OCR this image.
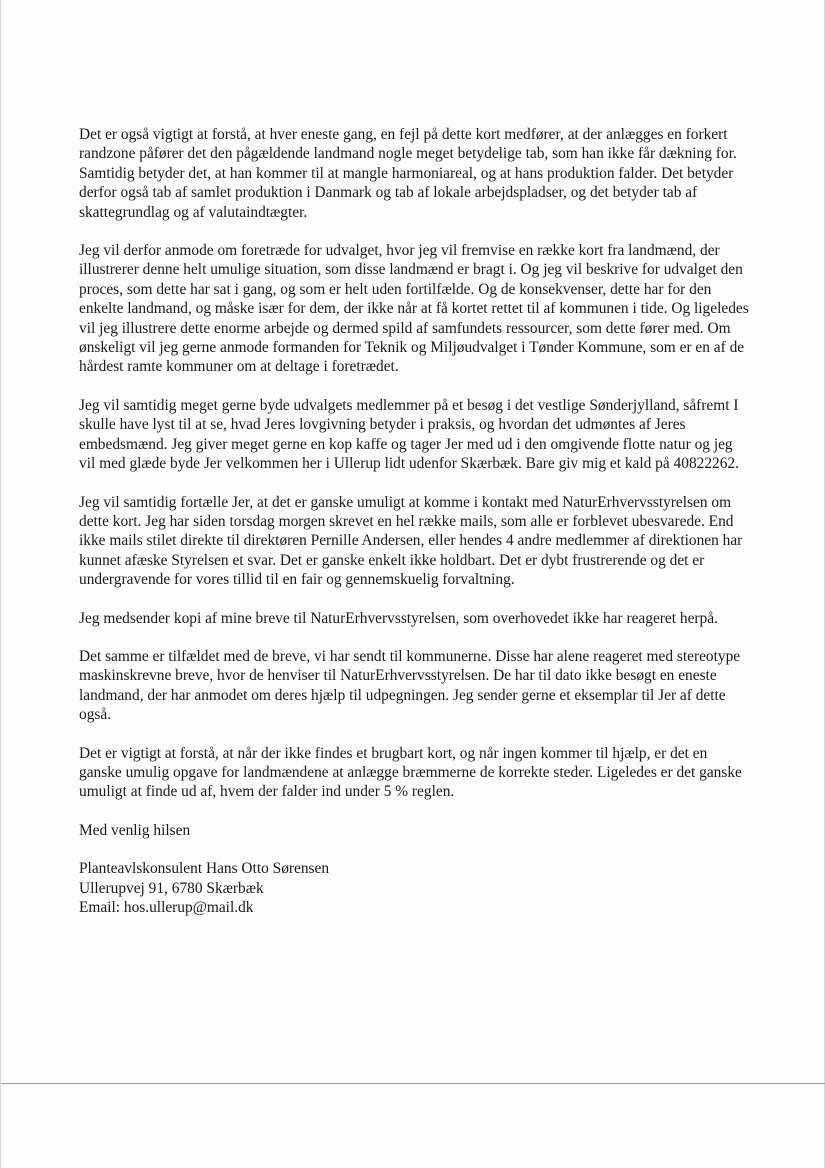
Det er også vigtigt at forstå, at hver eneste gang, en fejl på dette kort medfører, at der anlægges en forkert randzone påfører det den pågældende landmand nogle meget betydelige tab, som han ikke får dækning for. Samtidig betyder det, at han kommer til at mangle harmoniareal, og at hans produktion falder. Det betyder derfor også tab af samlet produktion i Danmark og tab af lokale arbejdspladser, og det betyder tab af skattegrundlag og af valutaindtægter.

Jeg vil derfor anmode om foretræde for udvalget, hvor jeg vil fremvise en række kort fra landmænd, der illustrerer denne helt umulige situation, som disse landmænd er bragt i. Og jeg vil beskrive for udvalget den proces, som dette har sat i gang, og som er helt uden fortilfælde. Og de konsekvenser, dette har for den enkelte landmand, og måske især for dem, der ikke når at få kortet rettet til af kommunen i tide. Og ligeledes vil jeg illustrere dette enorme arbejde og dermed spild af samfundets ressourcer, som dette fører med. Om ønskeligt vil jeg gerne anmode formanden for Teknik og Miljøudvalget i Tønder Kommune, som er en af de hårdest ramte kommuner om at deltage i foretrædet.

Jeg vil samtidig meget gerne byde udvalgets medlemmer på et besøg i det vestlige Sønderjylland, såfremt I skulle have lyst til at se, hvad Jeres lovgivning betyder i praksis, og hvordan det udmøntes af Jeres embedsmænd. Jeg giver meget gerne en kop kaffe og tager Jer med ud i den omgivende flotte natur og jeg vil med glæde byde Jer velkommen her i Ullerup lidt udenfor Skærbæk. Bare giv mig et kald på 40822262.

Jeg vil samtidig fortælle Jer, at det er ganske umuligt at komme i kontakt med NaturErhvervsstyrelsen om dette kort. Jeg har siden torsdag morgen skrevet en hel række mails, som alle er forblevet ubesvarede. End ikke mails stilet direkte til direktøren Pernille Andersen, eller hendes 4 andre medlemmer af direktionen har kunnet afæske Styrelsen et svar. Det er ganske enkelt ikke holdbart. Det er dybt frustrerende og det er undergravende for vores tillid til en fair og gennemskuelig forvaltning.

Jeg medsender kopi af mine breve til NaturErhvervsstyrelsen, som overhovedet ikke har reageret herpå.

Det samme er tilfældet med de breve, vi har sendt til kommunerne. Disse har alene reageret med stereotype maskinskrevne breve, hvor de henviser til NaturErhvervsstyrelsen. De har til dato ikke besøgt en eneste landmand, der har anmodet om deres hjælp til udpegningen. Jeg sender gerne et eksemplar til Jer af dette også.

Det er vigtigt at forstå, at når der ikke findes et brugbart kort, og når ingen kommer til hjælp, er det en ganske umulig opgave for landmændene at anlægge bræmmerne de korrekte steder. Ligeledes er det ganske umuligt at finde ud af, hvem der falder ind under 5 % reglen.

Med venlig hilsen

Planteavlskonsulent Hans Otto Sørensen

Ullerupvej 91, 6780 Skærbæk

Email: hos.ullerup@mail.dk
